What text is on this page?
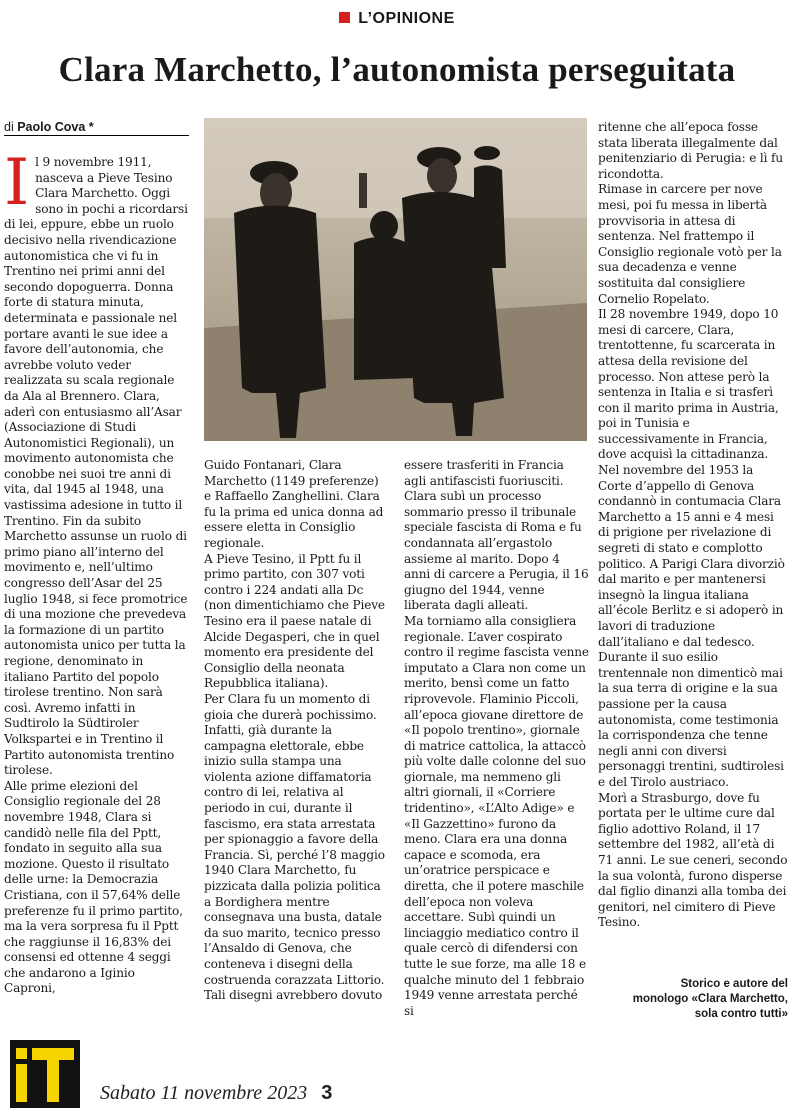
L’OPINIONE
Clara Marchetto, l’autonomista perseguitata
di Paolo Cova *
I l 9 novembre 1911, nasceva a Pieve Tesino Clara Marchetto. Oggi sono in pochi a ricordarsi di lei, eppure, ebbe un ruolo decisivo nella rivendicazione autonomistica che vi fu in Trentino nei primi anni del secondo dopoguerra. Donna forte di statura minuta, determinata e passionale nel portare avanti le sue idee a favore dell’autonomia, che avrebbe voluto veder realizzata su scala regionale da Ala al Brennero. Clara, aderì con entusiasmo all’Asar (Associazione di Studi Autonomistici Regionali), un movimento autonomista che conobbe nei suoi tre anni di vita, dal 1945 al 1948, una vastissima adesione in tutto il Trentino. Fin da subito Marchetto assunse un ruolo di primo piano all’interno del movimento e, nell’ultimo congresso dell’Asar del 25 luglio 1948, si fece promotrice di una mozione che prevedeva la formazione di un partito autonomista unico per tutta la regione, denominato in italiano Partito del popolo tirolese trentino. Non sarà così. Avremo infatti in Sudtirolo la Südtiroler Volkspartei e in Trentino il Partito autonomista trentino tirolese.

Alle prime elezioni del Consiglio regionale del 28 novembre 1948, Clara si candidò nelle fila del Pptt, fondato in seguito alla sua mozione. Questo il risultato delle urne: la Democrazia Cristiana, con il 57,64% delle preferenze fu il primo partito, ma la vera sorpresa fu il Pptt che raggiunse il 16,83% dei consensi ed ottenne 4 seggi che andarono a Iginio Caproni,

Guido Fontanari, Clara Marchetto (1149 preferenze) e Raffaello Zanghellini. Clara fu la prima ed unica donna ad essere eletta in Consiglio regionale.

A Pieve Tesino, il Pptt fu il primo partito, con 307 voti contro i 224 andati alla Dc (non dimentichiamo che Pieve Tesino era il paese natale di Alcide Degasperi, che in quel momento era presidente del Consiglio della neonata Repubblica italiana).

Per Clara fu un momento di gioia che durerà pochissimo. Infatti, già durante la campagna elettorale, ebbe inizio sulla stampa una violenta azione diffamatoria contro di lei, relativa al periodo in cui, durante il fascismo, era stata arrestata per spionaggio a favore della Francia. Sì, perché l’8 maggio 1940 Clara Marchetto, fu pizzicata dalla polizia politica a Bordighera mentre consegnava una busta, datale da suo marito, tecnico presso l’Ansaldo di Genova, che conteneva i disegni della costruenda corazzata Littorio. Tali disegni avrebbero dovuto

essere trasferiti in Francia agli antifascisti fuoriusciti. Clara subì un processo sommario presso il tribunale speciale fascista di Roma e fu condannata all’ergastolo assieme al marito. Dopo 4 anni di carcere a Perugia, il 16 giugno del 1944, venne liberata dagli alleati.

Ma torniamo alla consigliera regionale. L’aver cospirato contro il regime fascista venne imputato a Clara non come un merito, bensì come un fatto riprovevole. Flaminio Piccoli, all’epoca giovane direttore de «Il popolo trentino», giornale di matrice cattolica, la attaccò più volte dalle colonne del suo giornale, ma nemmeno gli altri giornali, il «Corriere tridentino», «L’Alto Adige» e «Il Gazzettino» furono da meno. Clara era una donna capace e scomoda, era un’oratrice perspicace e diretta, che il potere maschile dell’epoca non voleva accettare. Subì quindi un linciaggio mediatico contro il quale cercò di difendersi con tutte le sue forze, ma alle 18 e qualche minuto del 1 febbraio 1949 venne arrestata perché si

ritenne che all’epoca fosse stata liberata illegalmente dal penitenziario di Perugia: e lì fu ricondotta.

Rimase in carcere per nove mesi, poi fu messa in libertà provvisoria in attesa di sentenza. Nel frattempo il Consiglio regionale votò per la sua decadenza e venne sostituita dal consigliere Cornelio Ropelato.

Il 28 novembre 1949, dopo 10 mesi di carcere, Clara, trentottenne, fu scarcerata in attesa della revisione del processo. Non attese però la sentenza in Italia e si trasferì con il marito prima in Austria, poi in Tunisia e successivamente in Francia, dove acquisì la cittadinanza. Nel novembre del 1953 la Corte d’appello di Genova condannò in contumacia Clara Marchetto a 15 anni e 4 mesi di prigione per rivelazione di segreti di stato e complotto politico. A Parigi Clara divorziò dal marito e per mantenersi insegnò la lingua italiana all’école Berlitz e si adoperò in lavori di traduzione dall’italiano e dal tedesco.

Durante il suo esilio trentennale non dimenticò mai la sua terra di origine e la sua passione per la causa autonomista, come testimonia la corrispondenza che tenne negli anni con diversi personaggi trentini, sudtirolesi e del Tirolo austriaco.

Morì a Strasburgo, dove fu portata per le ultime cure dal figlio adottivo Roland, il 17 settembre del 1982, all’età di 71 anni. Le sue ceneri, secondo la sua volontà, furono disperse dal figlio dinanzi alla tomba dei genitori, nel cimitero di Pieve Tesino.

Storico e autore del
monologo «Clara Marchetto,
sola contro tutti»
Sabato 11 novembre 2023 3
